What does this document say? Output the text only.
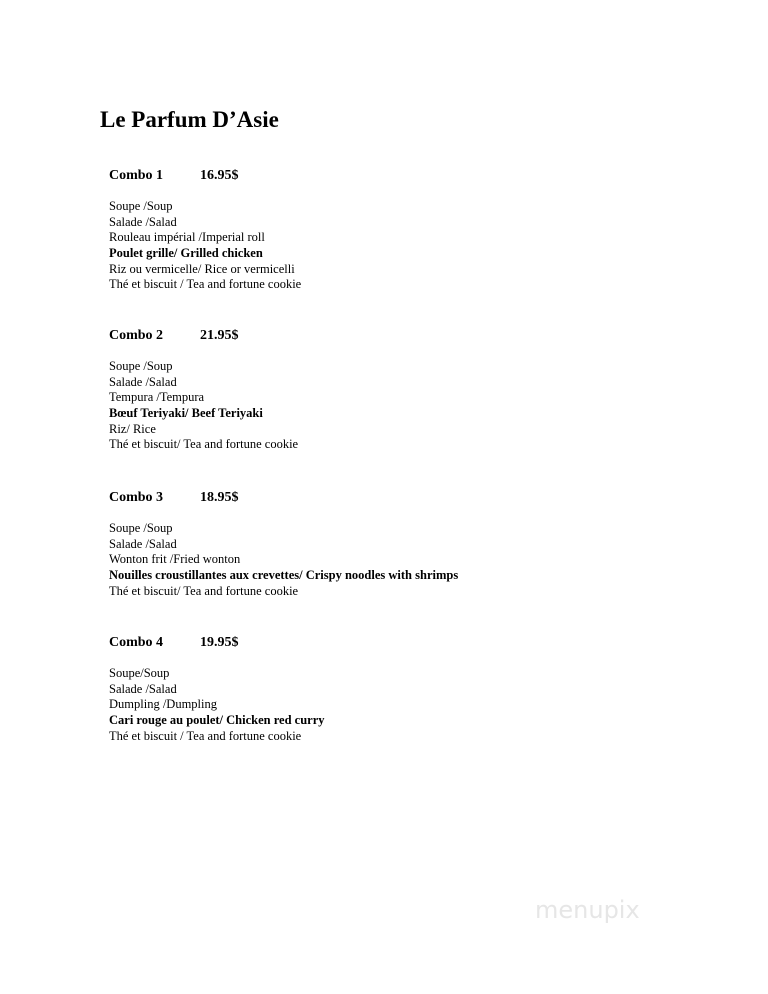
Le Parfum D’Asie
Combo 1	16.95$
Soupe /Soup
Salade /Salad
Rouleau impérial /Imperial roll
Poulet grille/ Grilled chicken
Riz ou vermicelle/ Rice or vermicelli
Thé et biscuit / Tea and fortune cookie
Combo 2	21.95$
Soupe /Soup
Salade /Salad
Tempura /Tempura
Bœuf Teriyaki/ Beef Teriyaki
Riz/ Rice
Thé et biscuit/ Tea and fortune cookie
Combo 3	18.95$
Soupe /Soup
Salade /Salad
Wonton frit /Fried wonton
Nouilles croustillantes aux crevettes/ Crispy noodles with shrimps
Thé et biscuit/ Tea and fortune cookie
Combo 4	19.95$
Soupe/Soup
Salade /Salad
Dumpling /Dumpling
Cari rouge au poulet/ Chicken red curry
Thé et biscuit / Tea and fortune cookie
menupix
